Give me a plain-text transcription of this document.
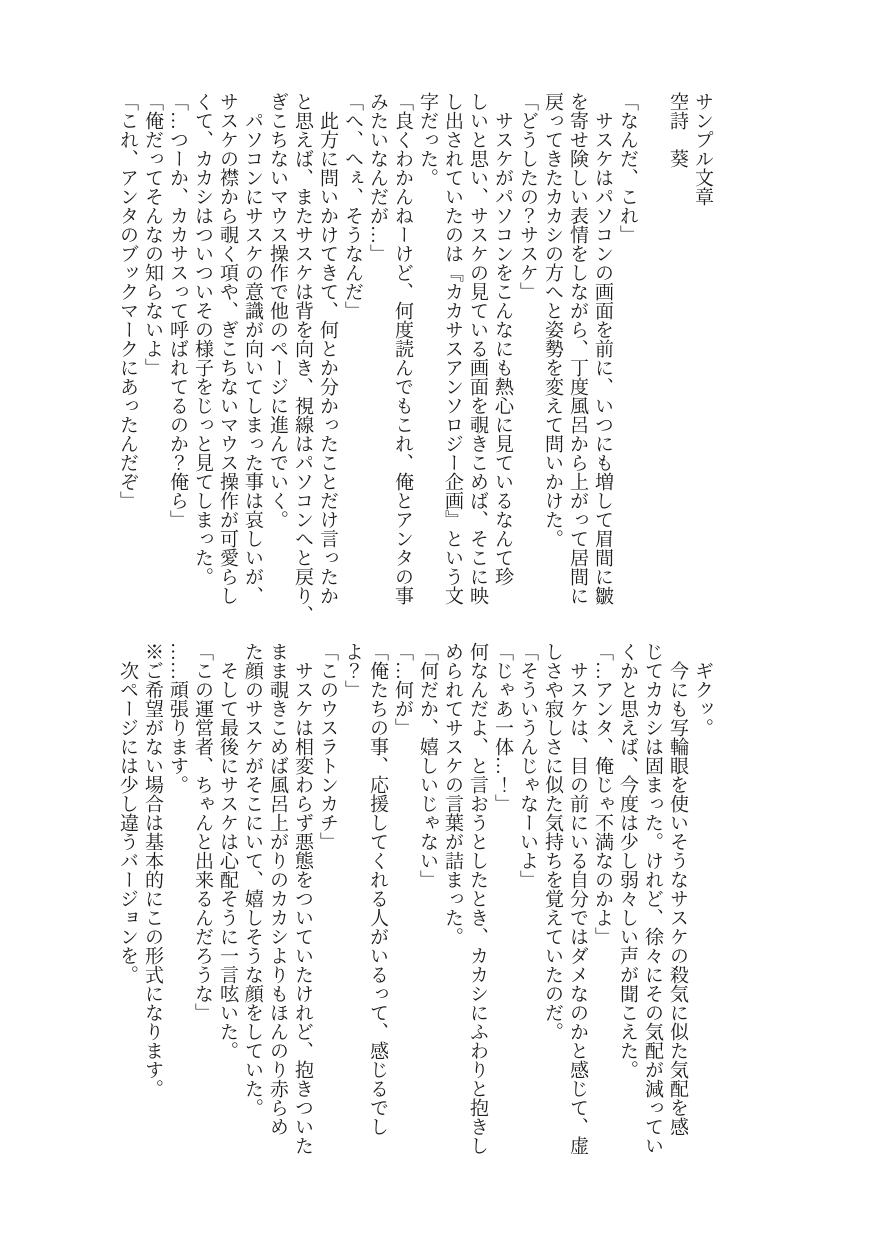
サンプル文章

空詩　葵

「なんだ、これ」

　サスケはパソコンの画面を前に、いつにも増して眉間に皺

を寄せ険しい表情をしながら、丁度風呂から上がって居間に

戻ってきたカカシの方へと姿勢を変えて問いかけた。

「どうしたの？サスケ」

　サスケがパソコンをこんなにも熱心に見ているなんて珍

しいと思い、サスケの見ている画面を覗きこめば、そこに映

し出されていたのは『カカサスアンソロジー企画』という文

字だった。

「良くわかんねーけど、何度読んでもこれ、俺とアンタの事

みたいなんだが…」

「へ、へぇ、そうなんだ」

　此方に問いかけてきて、何とか分かったことだけ言ったか

と思えば、またサスケは背を向き、視線はパソコンへと戻り、

ぎこちないマウス操作で他のページに進んでいく。

　パソコンにサスケの意識が向いてしまった事は哀しいが、

サスケの襟から覗く項や、ぎこちないマウス操作が可愛らし

くて、カカシはついついその様子をじっと見てしまった。

「…つーか、カカサスって呼ばれてるのか？俺ら」

「俺だってそんなの知らないよ」

「これ、アンタのブックマークにあったんだぞ」

　ギクッ。

　今にも写輪眼を使いそうなサスケの殺気に似た気配を感

じてカカシは固まった。けれど、徐々にその気配が減ってい

くかと思えば、今度は少し弱々しい声が聞こえた。

「…アンタ、俺じゃ不満なのかよ」

　サスケは、目の前にいる自分ではダメなのかと感じて、虚

しさや寂しさに似た気持ちを覚えていたのだ。

「そういうんじゃなーいよ」

「じゃあ一体…！」

何なんだよ、と言おうとしたとき、カカシにふわりと抱きし

められてサスケの言葉が詰まった。

「何だか、嬉しいじゃない」

「…何が」

「俺たちの事、応援してくれる人がいるって、感じるでし

よ？」

「このウスラトンカチ」

　サスケは相変わらず悪態をついていたけれど、抱きついた

まま覗きこめば風呂上がりのカカシよりもほんのり赤らめ

た顔のサスケがそこにいて、嬉しそうな顔をしていた。

　そして最後にサスケは心配そうに一言呟いた。

「この運営者、ちゃんと出来るんだろうな」

……頑張ります。

※ご希望がない場合は基本的にこの形式になります。

　次ページには少し違うバージョンを。
